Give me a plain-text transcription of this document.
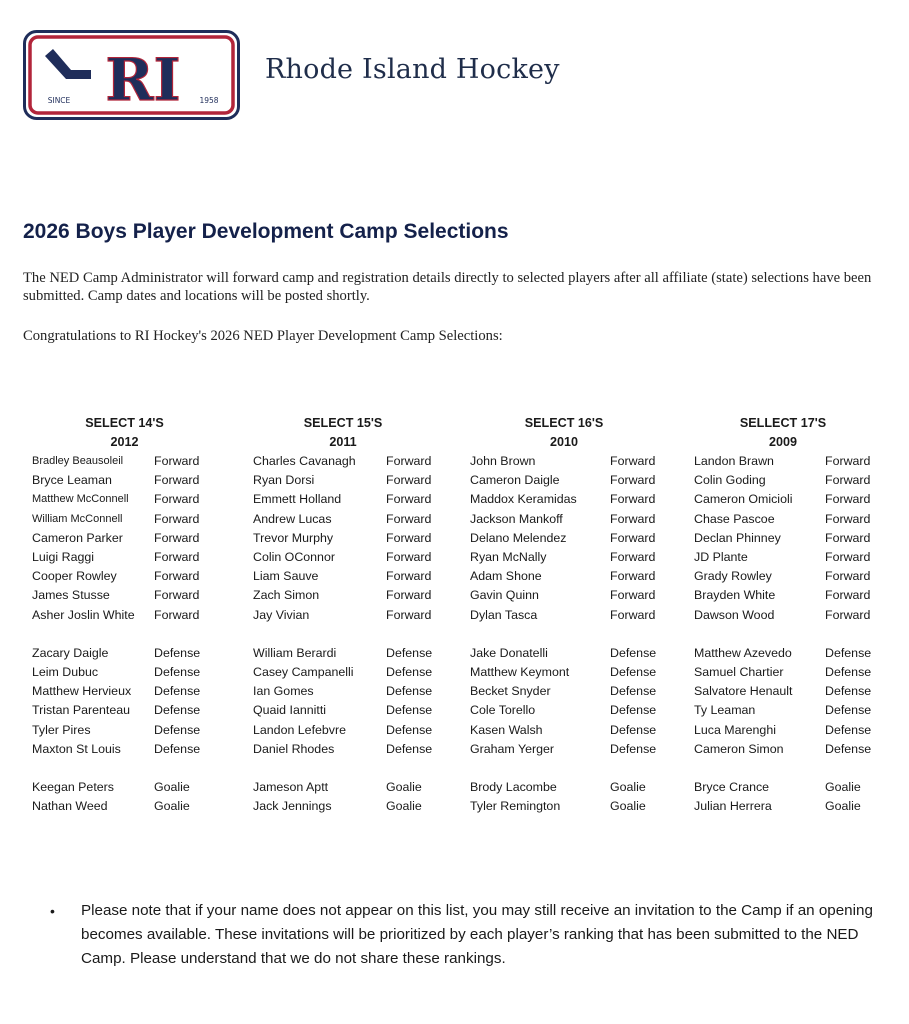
RI
SINCE	1958
Rhode Island Hockey
2026 Boys Player Development Camp Selections
The NED Camp Administrator will forward camp and registration details directly to selected players after all affiliate (state) selections have been submitted. Camp dates and locations will be posted shortly.
Congratulations to RI Hockey's 2026 NED Player Development Camp Selections:
SELECT 14'S
2012
Bradley Beausoleil Forward
Bryce Leaman	Forward
Matthew McConnell Forward
William McConnell	Forward
Cameron Parker	Forward
Luigi Raggi	Forward
Cooper Rowley	Forward
James Stusse	Forward
Asher Joslin White Forward
Zacary Daigle	Defense
Leim Dubuc	Defense
Matthew Hervieux Defense
Tristan Parenteau Defense
Tyler Pires	Defense
Maxton St Louis	Defense
Keegan Peters	Goalie
Nathan Weed	Goalie
SELECT 15'S
2011
Charles Cavanagh Forward
Ryan Dorsi	Forward
Emmett Holland	Forward
Andrew Lucas	Forward
Trevor Murphy	Forward
Colin OConnor	Forward
Liam Sauve	Forward
Zach Simon	Forward
Jay Vivian	Forward
William Berardi	Defense
Casey Campanelli	Defense
Ian Gomes	Defense
Quaid Iannitti	Defense
Landon Lefebvre	Defense
Daniel Rhodes	Defense
Jameson Aptt	Goalie
Jack Jennings	Goalie
SELECT 16'S
2010
John Brown	Forward
Cameron Daigle	Forward
Maddox Keramidas	Forward
Jackson Mankoff	Forward
Delano Melendez	Forward
Ryan McNally	Forward
Adam Shone	Forward
Gavin Quinn	Forward
Dylan Tasca	Forward
Jake Donatelli	Defense
Matthew Keymont	Defense
Becket Snyder	Defense
Cole Torello	Defense
Kasen Walsh	Defense
Graham Yerger	Defense
Brody Lacombe	Goalie
Tyler Remington	Goalie
SELLECT 17'S
2009
Landon Brawn	Forward
Colin Goding	Forward
Cameron Omicioli	Forward
Chase Pascoe	Forward
Declan Phinney	Forward
JD Plante	Forward
Grady Rowley	Forward
Brayden White	Forward
Dawson Wood	Forward
Matthew Azevedo	Defense
Samuel Chartier	Defense
Salvatore Henault	Defense
Ty Leaman	Defense
Luca Marenghi	Defense
Cameron Simon	Defense
Bryce Crance	Goalie
Julian Herrera	Goalie
• Please note that if your name does not appear on this list, you may still receive an invitation to the Camp if an opening becomes available. These invitations will be prioritized by each player’s ranking that has been submitted to the NED Camp. Please understand that we do not share these rankings.
